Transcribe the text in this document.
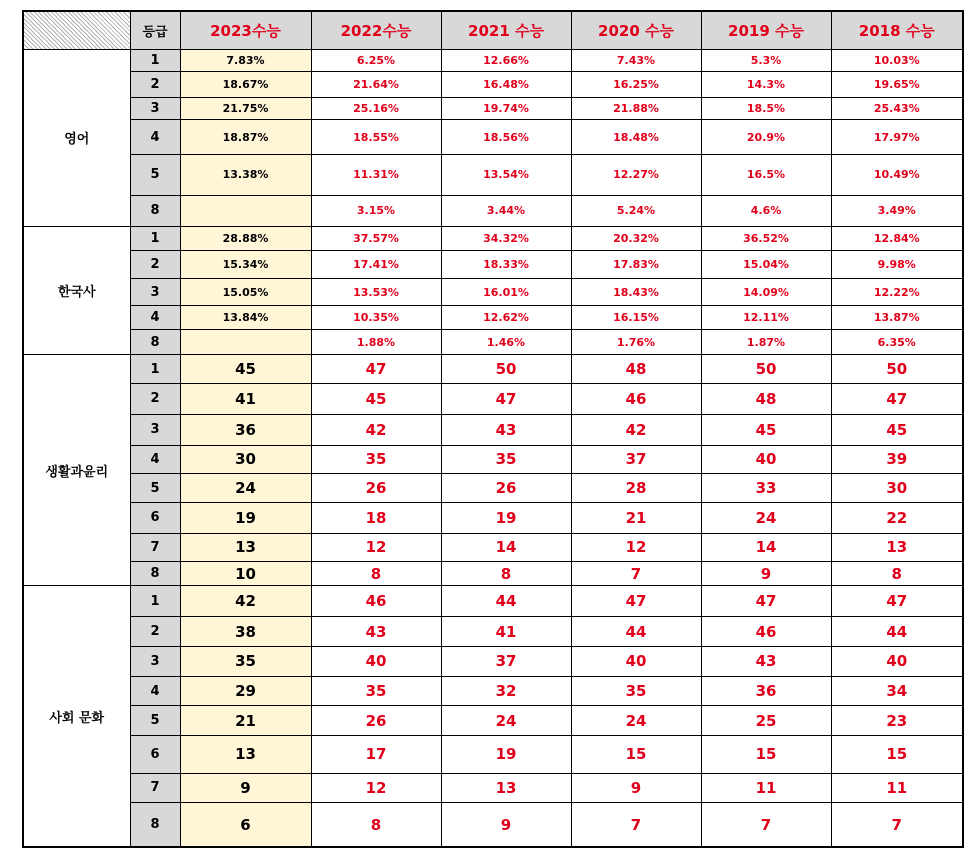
	등급	2023수능	2022수능	2021 수능	2020 수능	2019 수능	2018 수능
영어	1	7.83%	6.25%	12.66%	7.43%	5.3%	10.03%
	2	18.67%	21.64%	16.48%	16.25%	14.3%	19.65%
	3	21.75%	25.16%	19.74%	21.88%	18.5%	25.43%
	4	18.87%	18.55%	18.56%	18.48%	20.9%	17.97%
	5	13.38%	11.31%	13.54%	12.27%	16.5%	10.49%
	8		3.15%	3.44%	5.24%	4.6%	3.49%
한국사	1	28.88%	37.57%	34.32%	20.32%	36.52%	12.84%
	2	15.34%	17.41%	18.33%	17.83%	15.04%	9.98%
	3	15.05%	13.53%	16.01%	18.43%	14.09%	12.22%
	4	13.84%	10.35%	12.62%	16.15%	12.11%	13.87%
	8		1.88%	1.46%	1.76%	1.87%	6.35%
생활과윤리	1	45	47	50	48	50	50
	2	41	45	47	46	48	47
	3	36	42	43	42	45	45
	4	30	35	35	37	40	39
	5	24	26	26	28	33	30
	6	19	18	19	21	24	22
	7	13	12	14	12	14	13
	8	10	8	8	7	9	8
사회 문화	1	42	46	44	47	47	47
	2	38	43	41	44	46	44
	3	35	40	37	40	43	40
	4	29	35	32	35	36	34
	5	21	26	24	24	25	23
	6	13	17	19	15	15	15
	7	9	12	13	9	11	11
	8	6	8	9	7	7	7
